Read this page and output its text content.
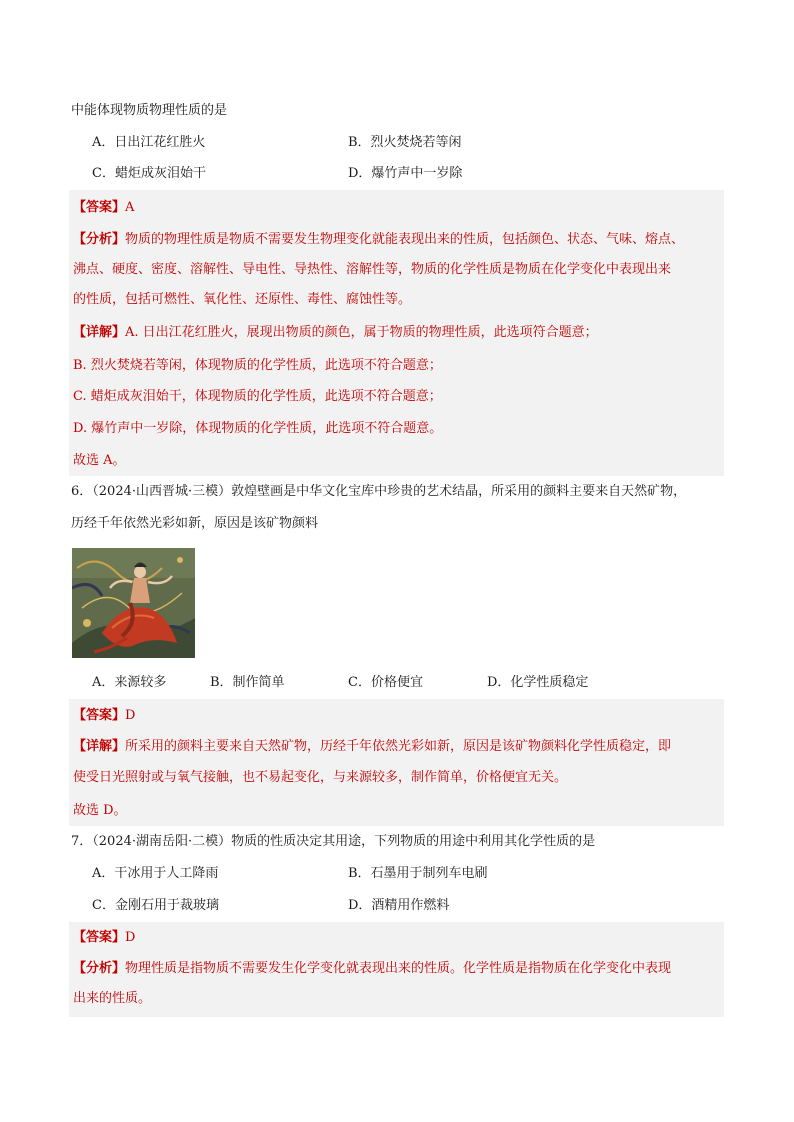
中能体现物质物理性质的是
A．日出江花红胜火	B．烈火焚烧若等闲
C．蜡炬成灰泪始干	D．爆竹声中一岁除
【答案】A
【分析】物质的物理性质是物质不需要发生物理变化就能表现出来的性质，包括颜色、状态、气味、熔点、
沸点、硬度、密度、溶解性、导电性、导热性、溶解性等，物质的化学性质是物质在化学变化中表现出来
的性质，包括可燃性、氧化性、还原性、毒性、腐蚀性等。
【详解】A. 日出江花红胜火，展现出物质的颜色，属于物质的物理性质，此选项符合题意；
B. 烈火焚烧若等闲，体现物质的化学性质，此选项不符合题意；
C. 蜡炬成灰泪始干，体现物质的化学性质，此选项不符合题意；
D. 爆竹声中一岁除，体现物质的化学性质，此选项不符合题意。
故选 A。
6．（2024·山西晋城·三模）敦煌壁画是中华文化宝库中珍贵的艺术结晶，所采用的颜料主要来自天然矿物，
历经千年依然光彩如新，原因是该矿物颜料
A．来源较多	B．制作简单	C．价格便宜	D．化学性质稳定
【答案】D
【详解】所采用的颜料主要来自天然矿物，历经千年依然光彩如新，原因是该矿物颜料化学性质稳定，即
使受日光照射或与氧气接触，也不易起变化，与来源较多，制作简单，价格便宜无关。
故选 D。
7．（2024·湖南岳阳·二模）物质的性质决定其用途，下列物质的用途中利用其化学性质的是
A．干冰用于人工降雨	B．石墨用于制列车电刷
C．金刚石用于裁玻璃	D．酒精用作燃料
【答案】D
【分析】物理性质是指物质不需要发生化学变化就表现出来的性质。化学性质是指物质在化学变化中表现
出来的性质。
